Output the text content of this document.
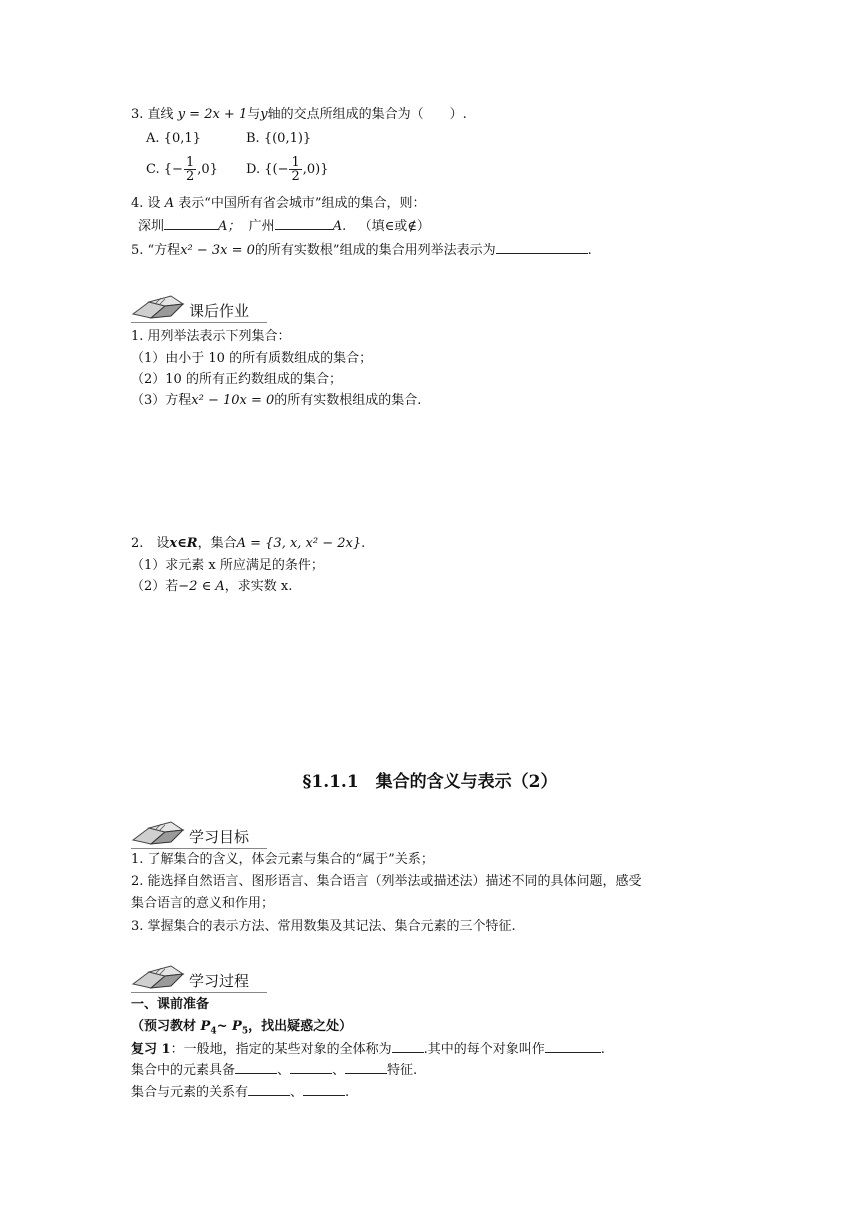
3. 直线 y = 2x + 1与y轴的交点所组成的集合为（　　）.
A. {0,1}	B. {(0,1)}
C. {− $\frac{1}{2} ,0$} D. {(− $\frac{1}{2} ,0$)}
4. 设 A 表示“中国所有省会城市”组成的集合，则：
深圳	A； 广州	A. （填∈或∉）
5. “方程x² − 3x = 0的所有实数根”组成的集合用列举法表示为	.
课后作业
1. 用列举法表示下列集合：
（1）由小于 10 的所有质数组成的集合；
（2）10 的所有正约数组成的集合；
（3）方程x² − 10x = 0的所有实数根组成的集合.
2.　设x∈R，集合A = {3, x, x² − 2x}.
（1）求元素 x 所应满足的条件；
（2）若−2 ∈ A，求实数 x.
§1.1.1　集合的含义与表示（2）
学习目标
1. 了解集合的含义，体会元素与集合的“属于”关系；
2. 能选择自然语言、图形语言、集合语言（列举法或描述法）描述不同的具体问题，感受
集合语言的意义和作用；
3. 掌握集合的表示方法、常用数集及其记法、集合元素的三个特征.
学习过程
一、课前准备
（预习教材 $P_4\sim$ $P_5$，找出疑惑之处）
复习 1：一般地，指定的某些对象的全体称为 .其中的每个对象叫作	.
集合中的元素具备	、	、	特征.
集合与元素的关系有	、	.
